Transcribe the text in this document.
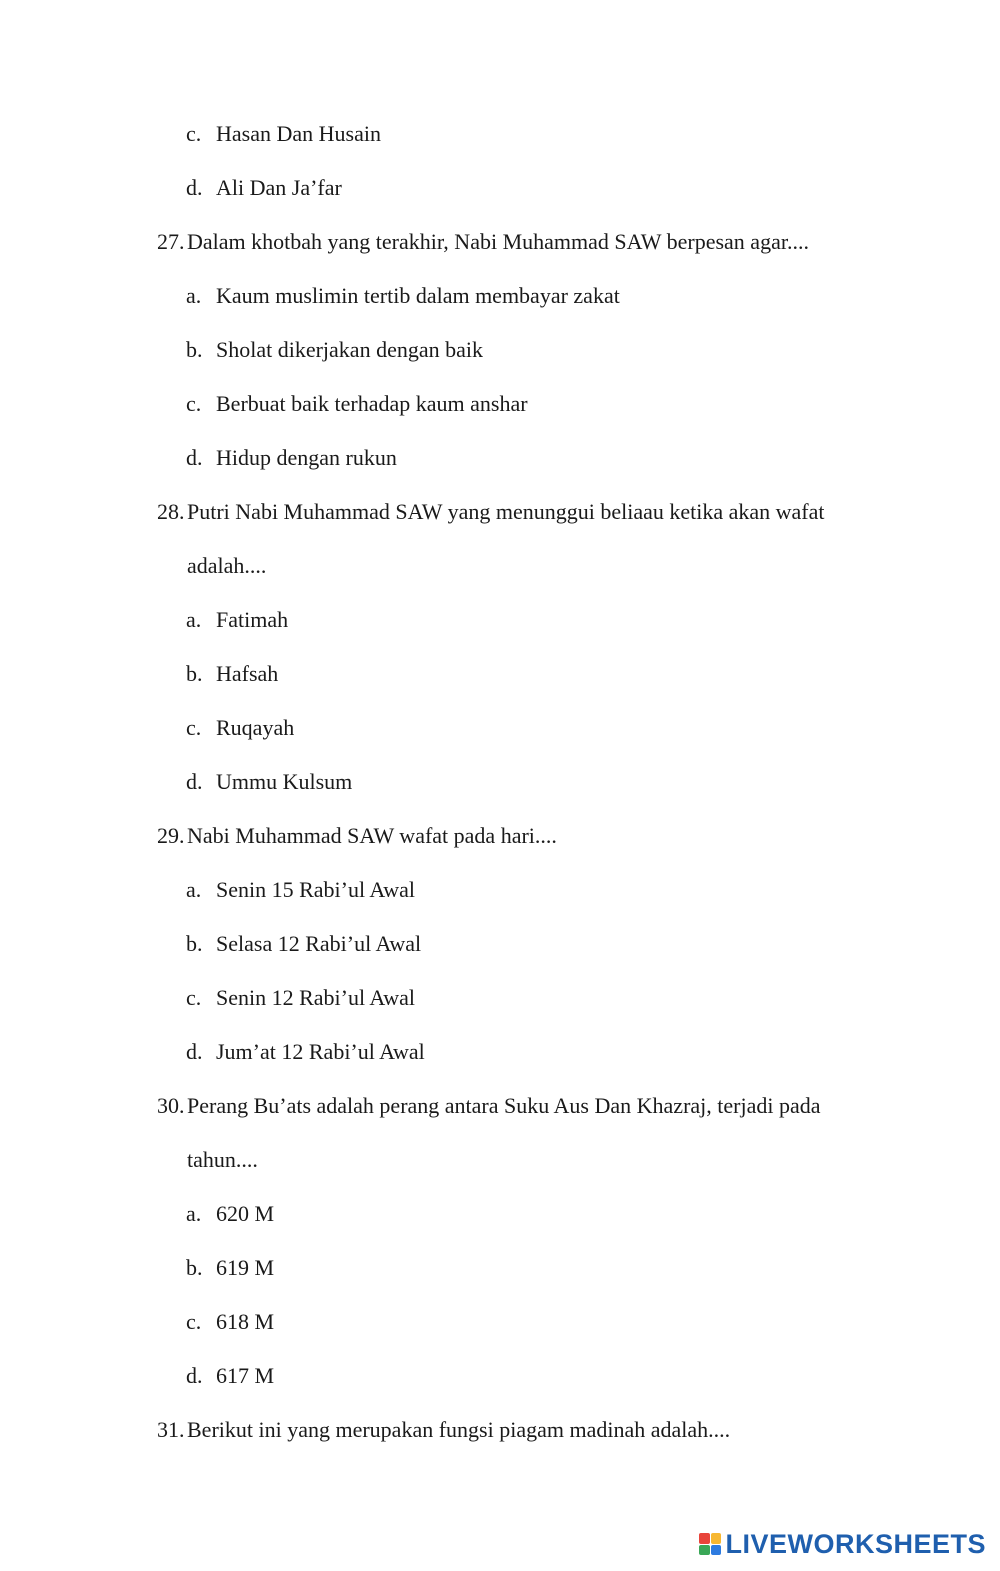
c. Hasan Dan Husain
d. Ali Dan Ja’far
27. Dalam khotbah yang terakhir, Nabi Muhammad SAW berpesan agar....
a. Kaum muslimin tertib dalam membayar zakat
b. Sholat dikerjakan dengan baik
c. Berbuat baik terhadap kaum anshar
d. Hidup dengan rukun
28. Putri Nabi Muhammad SAW yang menunggui beliaau ketika akan wafat
adalah....
a. Fatimah
b. Hafsah
c. Ruqayah
d. Ummu Kulsum
29. Nabi Muhammad SAW wafat pada hari....
a. Senin 15 Rabi’ul Awal
b. Selasa 12 Rabi’ul Awal
c. Senin 12 Rabi’ul Awal
d. Jum’at 12 Rabi’ul Awal
30. Perang Bu’ats adalah perang antara Suku Aus Dan Khazraj, terjadi pada
tahun....
a. 620 M
b. 619 M
c. 618 M
d. 617 M
31. Berikut ini yang merupakan fungsi piagam madinah adalah....
LIVEWORKSHEETS
